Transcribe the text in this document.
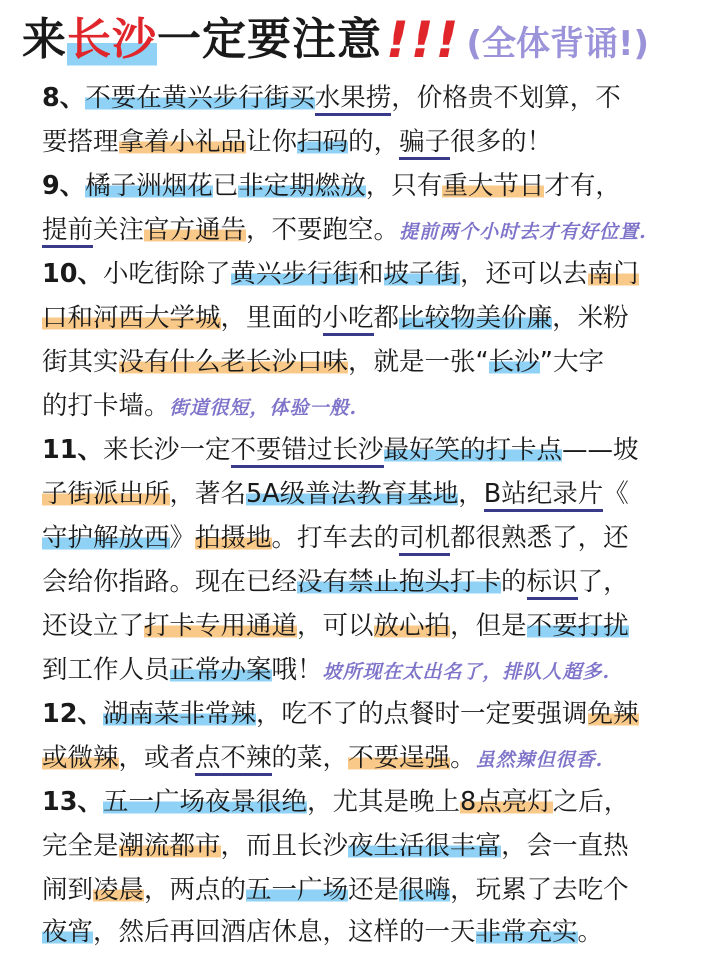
来 长沙 一定要注意 !!! (全体背诵!)
8、不要在黄兴步行街买水果捞，价格贵不划算，不
要搭理拿着小礼品让你扫码的，骗子很多的！
9、橘子洲烟花已非定期燃放，只有重大节日才有，
提前关注官方通告，不要跑空。提前两个小时去才有好位置.
10、小吃街除了黄兴步行街和坡子街，还可以去南门
口和河西大学城，里面的小吃都比较物美价廉，米粉
街其实没有什么老长沙口味，就是一张“长沙”大字
的打卡墙。街道很短，体验一般.
11、来长沙一定不要错过长沙最好笑的打卡点——坡
子街派出所，著名5A级普法教育基地，B站纪录片《
守护解放西》拍摄地。打车去的司机都很熟悉了，还
会给你指路。现在已经没有禁止抱头打卡的标识了，
还设立了打卡专用通道，可以放心拍，但是不要打扰
到工作人员正常办案哦！坡所现在太出名了，排队人超多.
12、湖南菜非常辣，吃不了的点餐时一定要强调免辣
或微辣，或者点不辣的菜，不要逞强。虽然辣但很香.
13、五一广场夜景很绝，尤其是晚上8点亮灯之后，
完全是潮流都市，而且长沙夜生活很丰富，会一直热
闹到凌晨，两点的五一广场还是很嗨，玩累了去吃个
夜宵，然后再回酒店休息，这样的一天非常充实。
